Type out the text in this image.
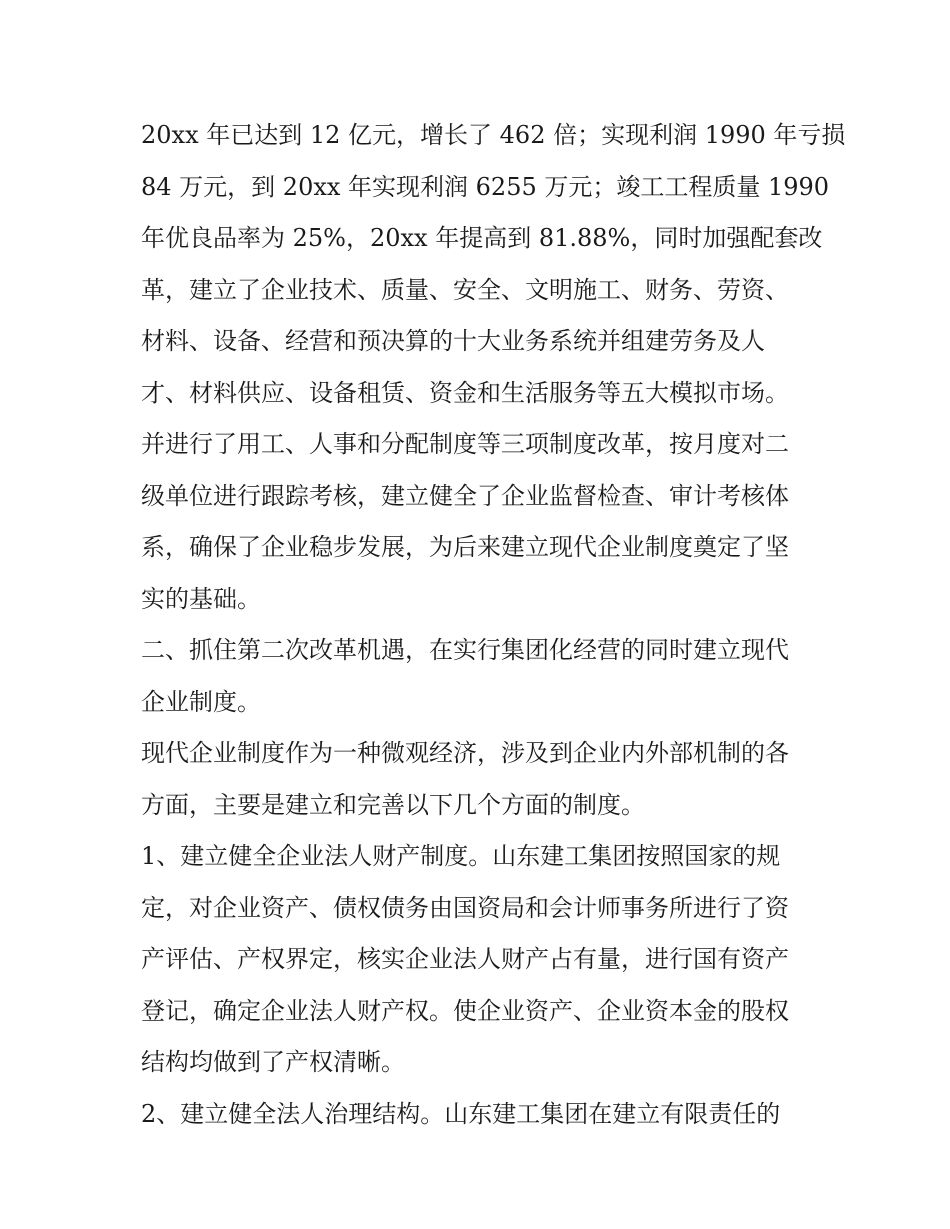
20xx 年已达到 12 亿元，增长了 462 倍；实现利润 1990 年亏损
84 万元，到 20xx 年实现利润 6255 万元；竣工工程质量 1990
年优良品率为 25%，20xx 年提高到 81.88%，同时加强配套改
革，建立了企业技术、质量、安全、文明施工、财务、劳资、
材料、设备、经营和预决算的十大业务系统并组建劳务及人
才、材料供应、设备租赁、资金和生活服务等五大模拟市场。
并进行了用工、人事和分配制度等三项制度改革，按月度对二
级单位进行跟踪考核，建立健全了企业监督检查、审计考核体
系，确保了企业稳步发展，为后来建立现代企业制度奠定了坚
实的基础。
二、抓住第二次改革机遇，在实行集团化经营的同时建立现代
企业制度。
现代企业制度作为一种微观经济，涉及到企业内外部机制的各
方面，主要是建立和完善以下几个方面的制度。
1、建立健全企业法人财产制度。山东建工集团按照国家的规
定，对企业资产、债权债务由国资局和会计师事务所进行了资
产评估、产权界定，核实企业法人财产占有量，进行国有资产
登记，确定企业法人财产权。使企业资产、企业资本金的股权
结构均做到了产权清晰。
2、建立健全法人治理结构。山东建工集团在建立有限责任的
